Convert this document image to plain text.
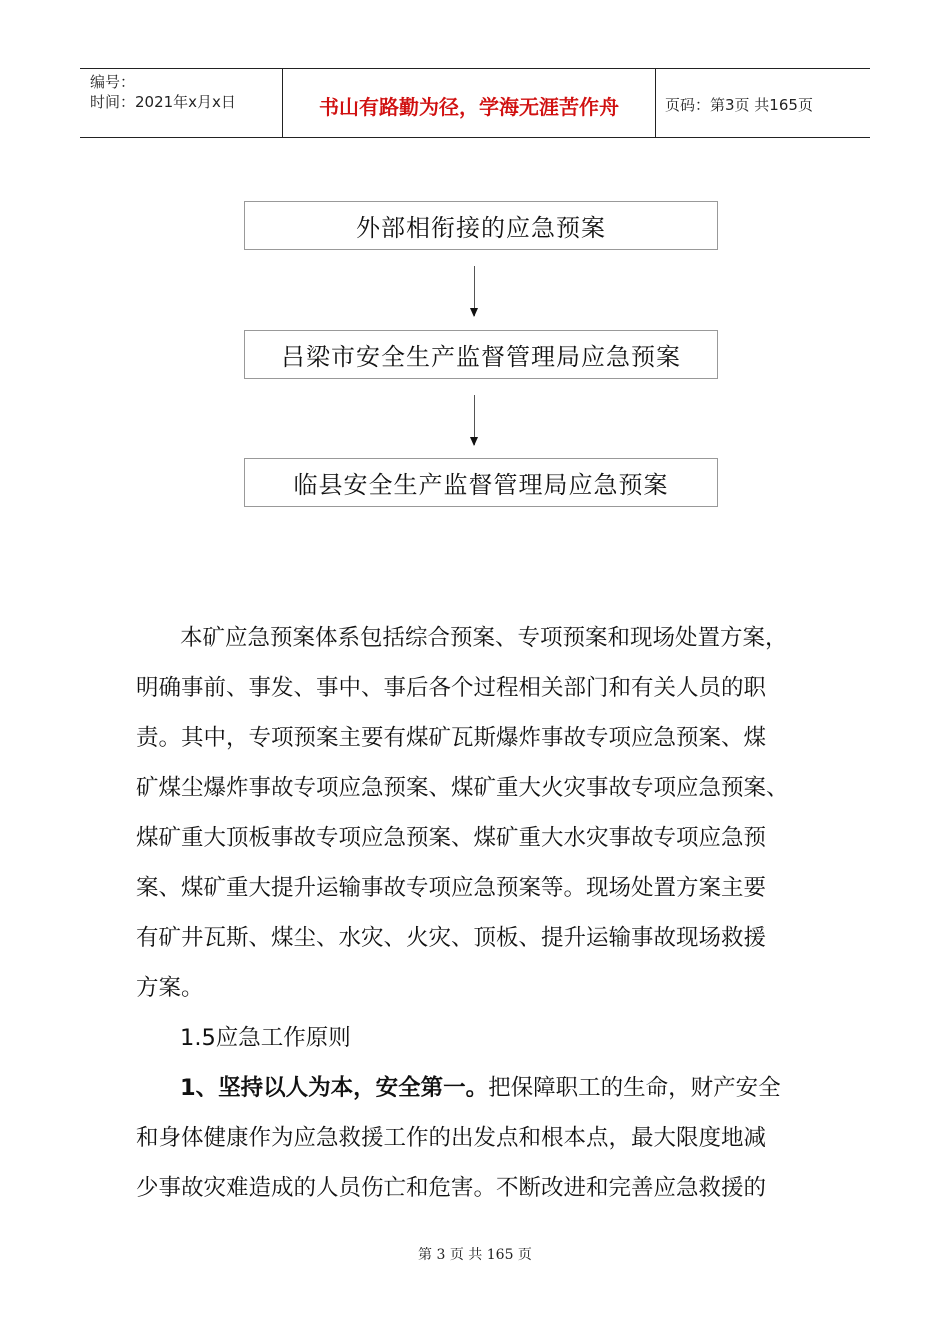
编号：
时间：2021年x月x日	书山有路勤为径，学海无涯苦作舟	页码：第3页 共165页
外部相衔接的应急预案
吕梁市安全生产监督管理局应急预案
临县安全生产监督管理局应急预案
本矿应急预案体系包括综合预案、专项预案和现场处置方案，
明确事前、事发、事中、事后各个过程相关部门和有关人员的职
责。其中，专项预案主要有煤矿瓦斯爆炸事故专项应急预案、煤
矿煤尘爆炸事故专项应急预案、煤矿重大火灾事故专项应急预案、
煤矿重大顶板事故专项应急预案、煤矿重大水灾事故专项应急预
案、煤矿重大提升运输事故专项应急预案等。现场处置方案主要
有矿井瓦斯、煤尘、水灾、火灾、顶板、提升运输事故现场救援
方案。
1.5应急工作原则
1、坚持以人为本，安全第一。把保障职工的生命，财产安全
和身体健康作为应急救援工作的出发点和根本点，最大限度地减
少事故灾难造成的人员伤亡和危害。不断改进和完善应急救援的
第 3 页 共 165 页
